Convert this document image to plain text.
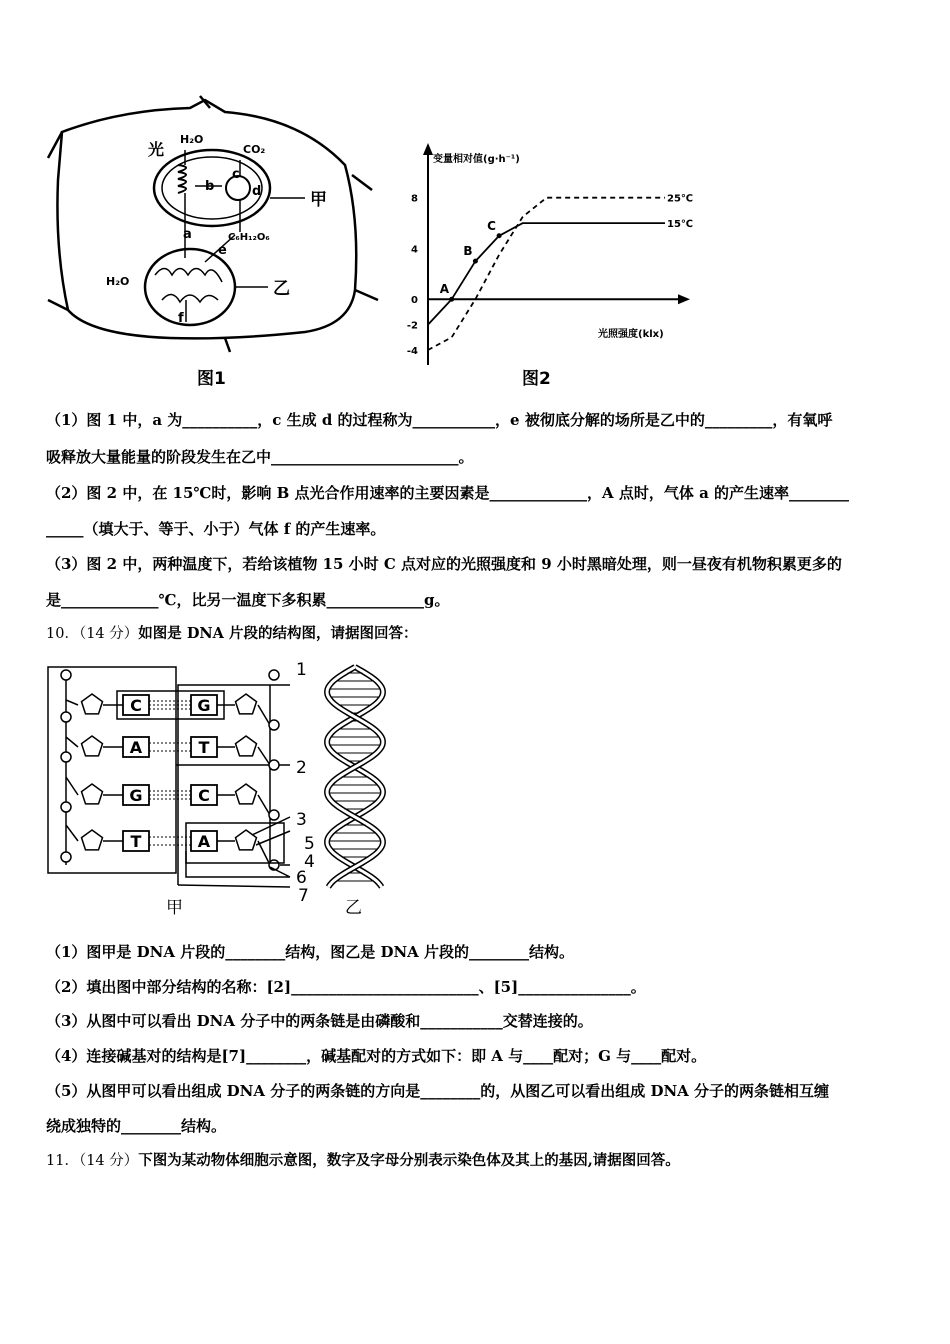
光
H₂O
CO₂
b
c
d	甲
a
e
C₆H₁₂O₆
H₂O	乙
f
图1
变量相对值(g·h⁻¹)
光照强度(klx)
8
4
0
-2
-4
25℃
15℃
A
B
C
图2
（1）图 1 中，a 为__________，c 生成 d 的过程称为___________，e 被彻底分解的场所是乙中的_________，有氧呼
吸释放大量能量的阶段发生在乙中_________________________。
（2）图 2 中，在 15℃时，影响 B 点光合作用速率的主要因素是_____________，A 点时，气体 a 的产生速率________
_____（填大于、等于、小于）气体 f 的产生速率。
（3）图 2 中，两种温度下，若给该植物 15 小时 C 点对应的光照强度和 9 小时黑暗处理，则一昼夜有机物积累更多的
是_____________℃，比另一温度下多积累_____________g。
10．（14 分）如图是 DNA 片段的结构图，请据图回答：
C	G
A	T
G	C
T	A
1
2
3
4
5
6
7
甲	乙
（1）图甲是 DNA 片段的________结构，图乙是 DNA 片段的________结构。
（2）填出图中部分结构的名称：[2]_________________________、[5]_______________。
（3）从图中可以看出 DNA 分子中的两条链是由磷酸和___________交替连接的。
（4）连接碱基对的结构是[7]________，碱基配对的方式如下：即 A 与____配对；G 与____配对。
（5）从图甲可以看出组成 DNA 分子的两条链的方向是________的，从图乙可以看出组成 DNA 分子的两条链相互缠
绕成独特的________结构。
11．（14 分）下图为某动物体细胞示意图，数字及字母分别表示染色体及其上的基因,请据图回答。
